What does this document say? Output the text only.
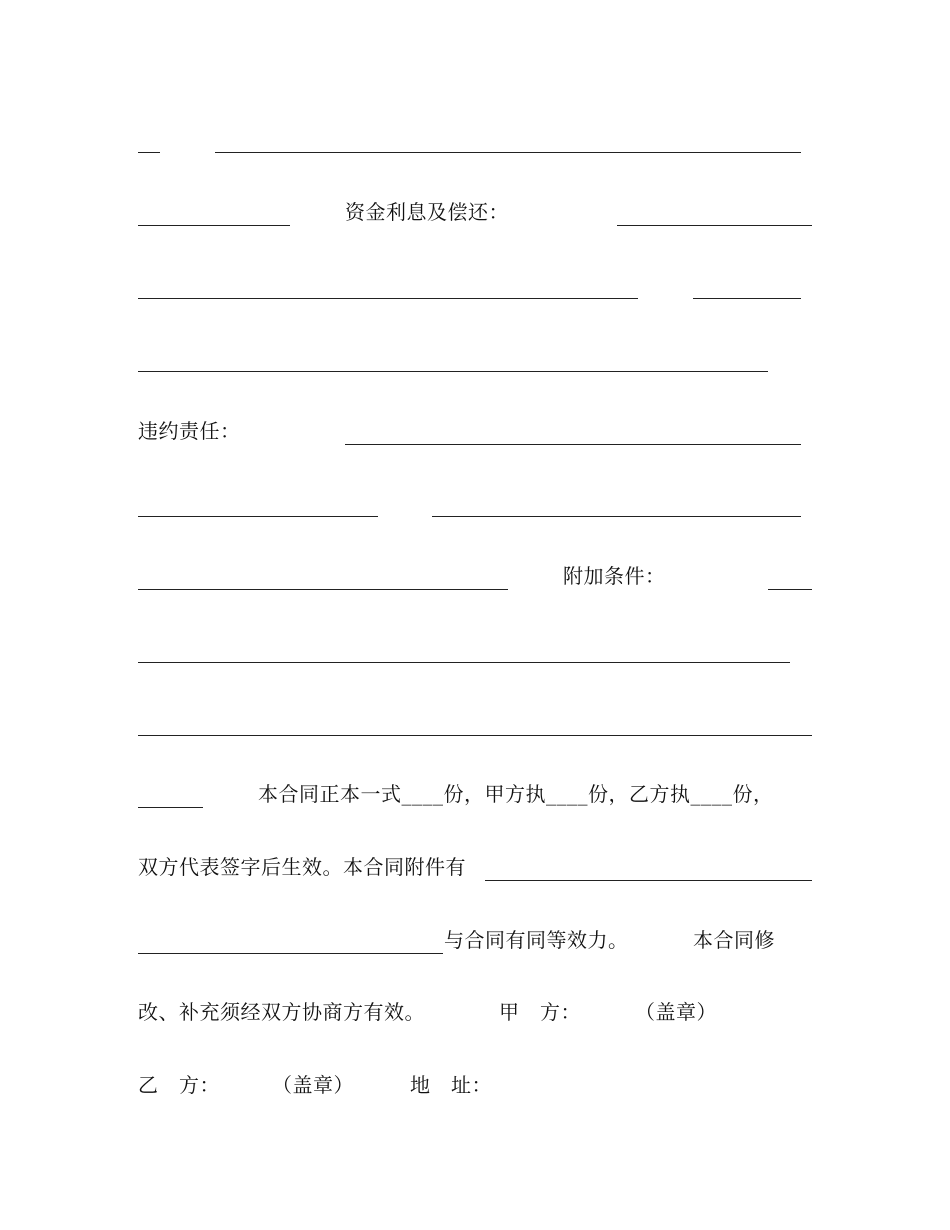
资金利息及偿还：
违约责任：
附加条件：
本合同正本一式____份，甲方执____份，乙方执____份，
双方代表签字后生效。本合同附件有
与合同有同等效力。	本合同修
改、补充须经双方协商方有效。	甲　方：	（盖章）
乙　方：	（盖章）	地　址：
